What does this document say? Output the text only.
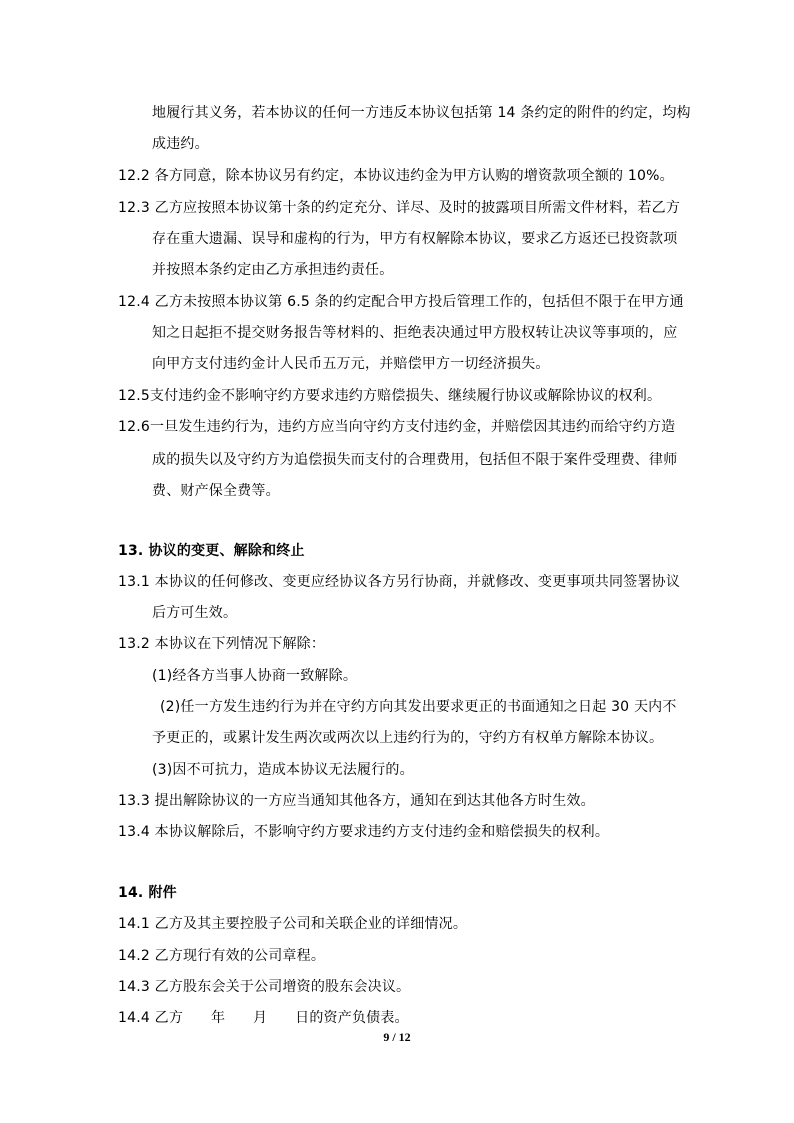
地履行其义务，若本协议的任何一方违反本协议包括第 14 条约定的附件的约定，均构
成违约。
12.2 各方同意，除本协议另有约定，本协议违约金为甲方认购的增资款项全额的 10%。
12.3 乙方应按照本协议第十条的约定充分、详尽、及时的披露项目所需文件材料，若乙方
存在重大遗漏、误导和虚构的行为，甲方有权解除本协议，要求乙方返还已投资款项
并按照本条约定由乙方承担违约责任。
12.4 乙方未按照本协议第 6.5 条的约定配合甲方投后管理工作的，包括但不限于在甲方通
知之日起拒不提交财务报告等材料的、拒绝表决通过甲方股权转让决议等事项的，应
向甲方支付违约金计人民币五万元，并赔偿甲方一切经济损失。
12.5支付违约金不影响守约方要求违约方赔偿损失、继续履行协议或解除协议的权利。
12.6一旦发生违约行为，违约方应当向守约方支付违约金，并赔偿因其违约而给守约方造
成的损失以及守约方为追偿损失而支付的合理费用，包括但不限于案件受理费、律师
费、财产保全费等。
13. 协议的变更、解除和终止
13.1 本协议的任何修改、变更应经协议各方另行协商，并就修改、变更事项共同签署协议
后方可生效。
13.2 本协议在下列情况下解除：
(1)经各方当事人协商一致解除。
(2)任一方发生违约行为并在守约方向其发出要求更正的书面通知之日起 30 天内不
予更正的，或累计发生两次或两次以上违约行为的，守约方有权单方解除本协议。
(3)因不可抗力，造成本协议无法履行的。
13.3 提出解除协议的一方应当通知其他各方，通知在到达其他各方时生效。
13.4 本协议解除后，不影响守约方要求违约方支付违约金和赔偿损失的权利。
14. 附件
14.1 乙方及其主要控股子公司和关联企业的详细情况。
14.2 乙方现行有效的公司章程。
14.3 乙方股东会关于公司增资的股东会决议。
14.4 乙方      年      月      日的资产负债表。
9 / 12
